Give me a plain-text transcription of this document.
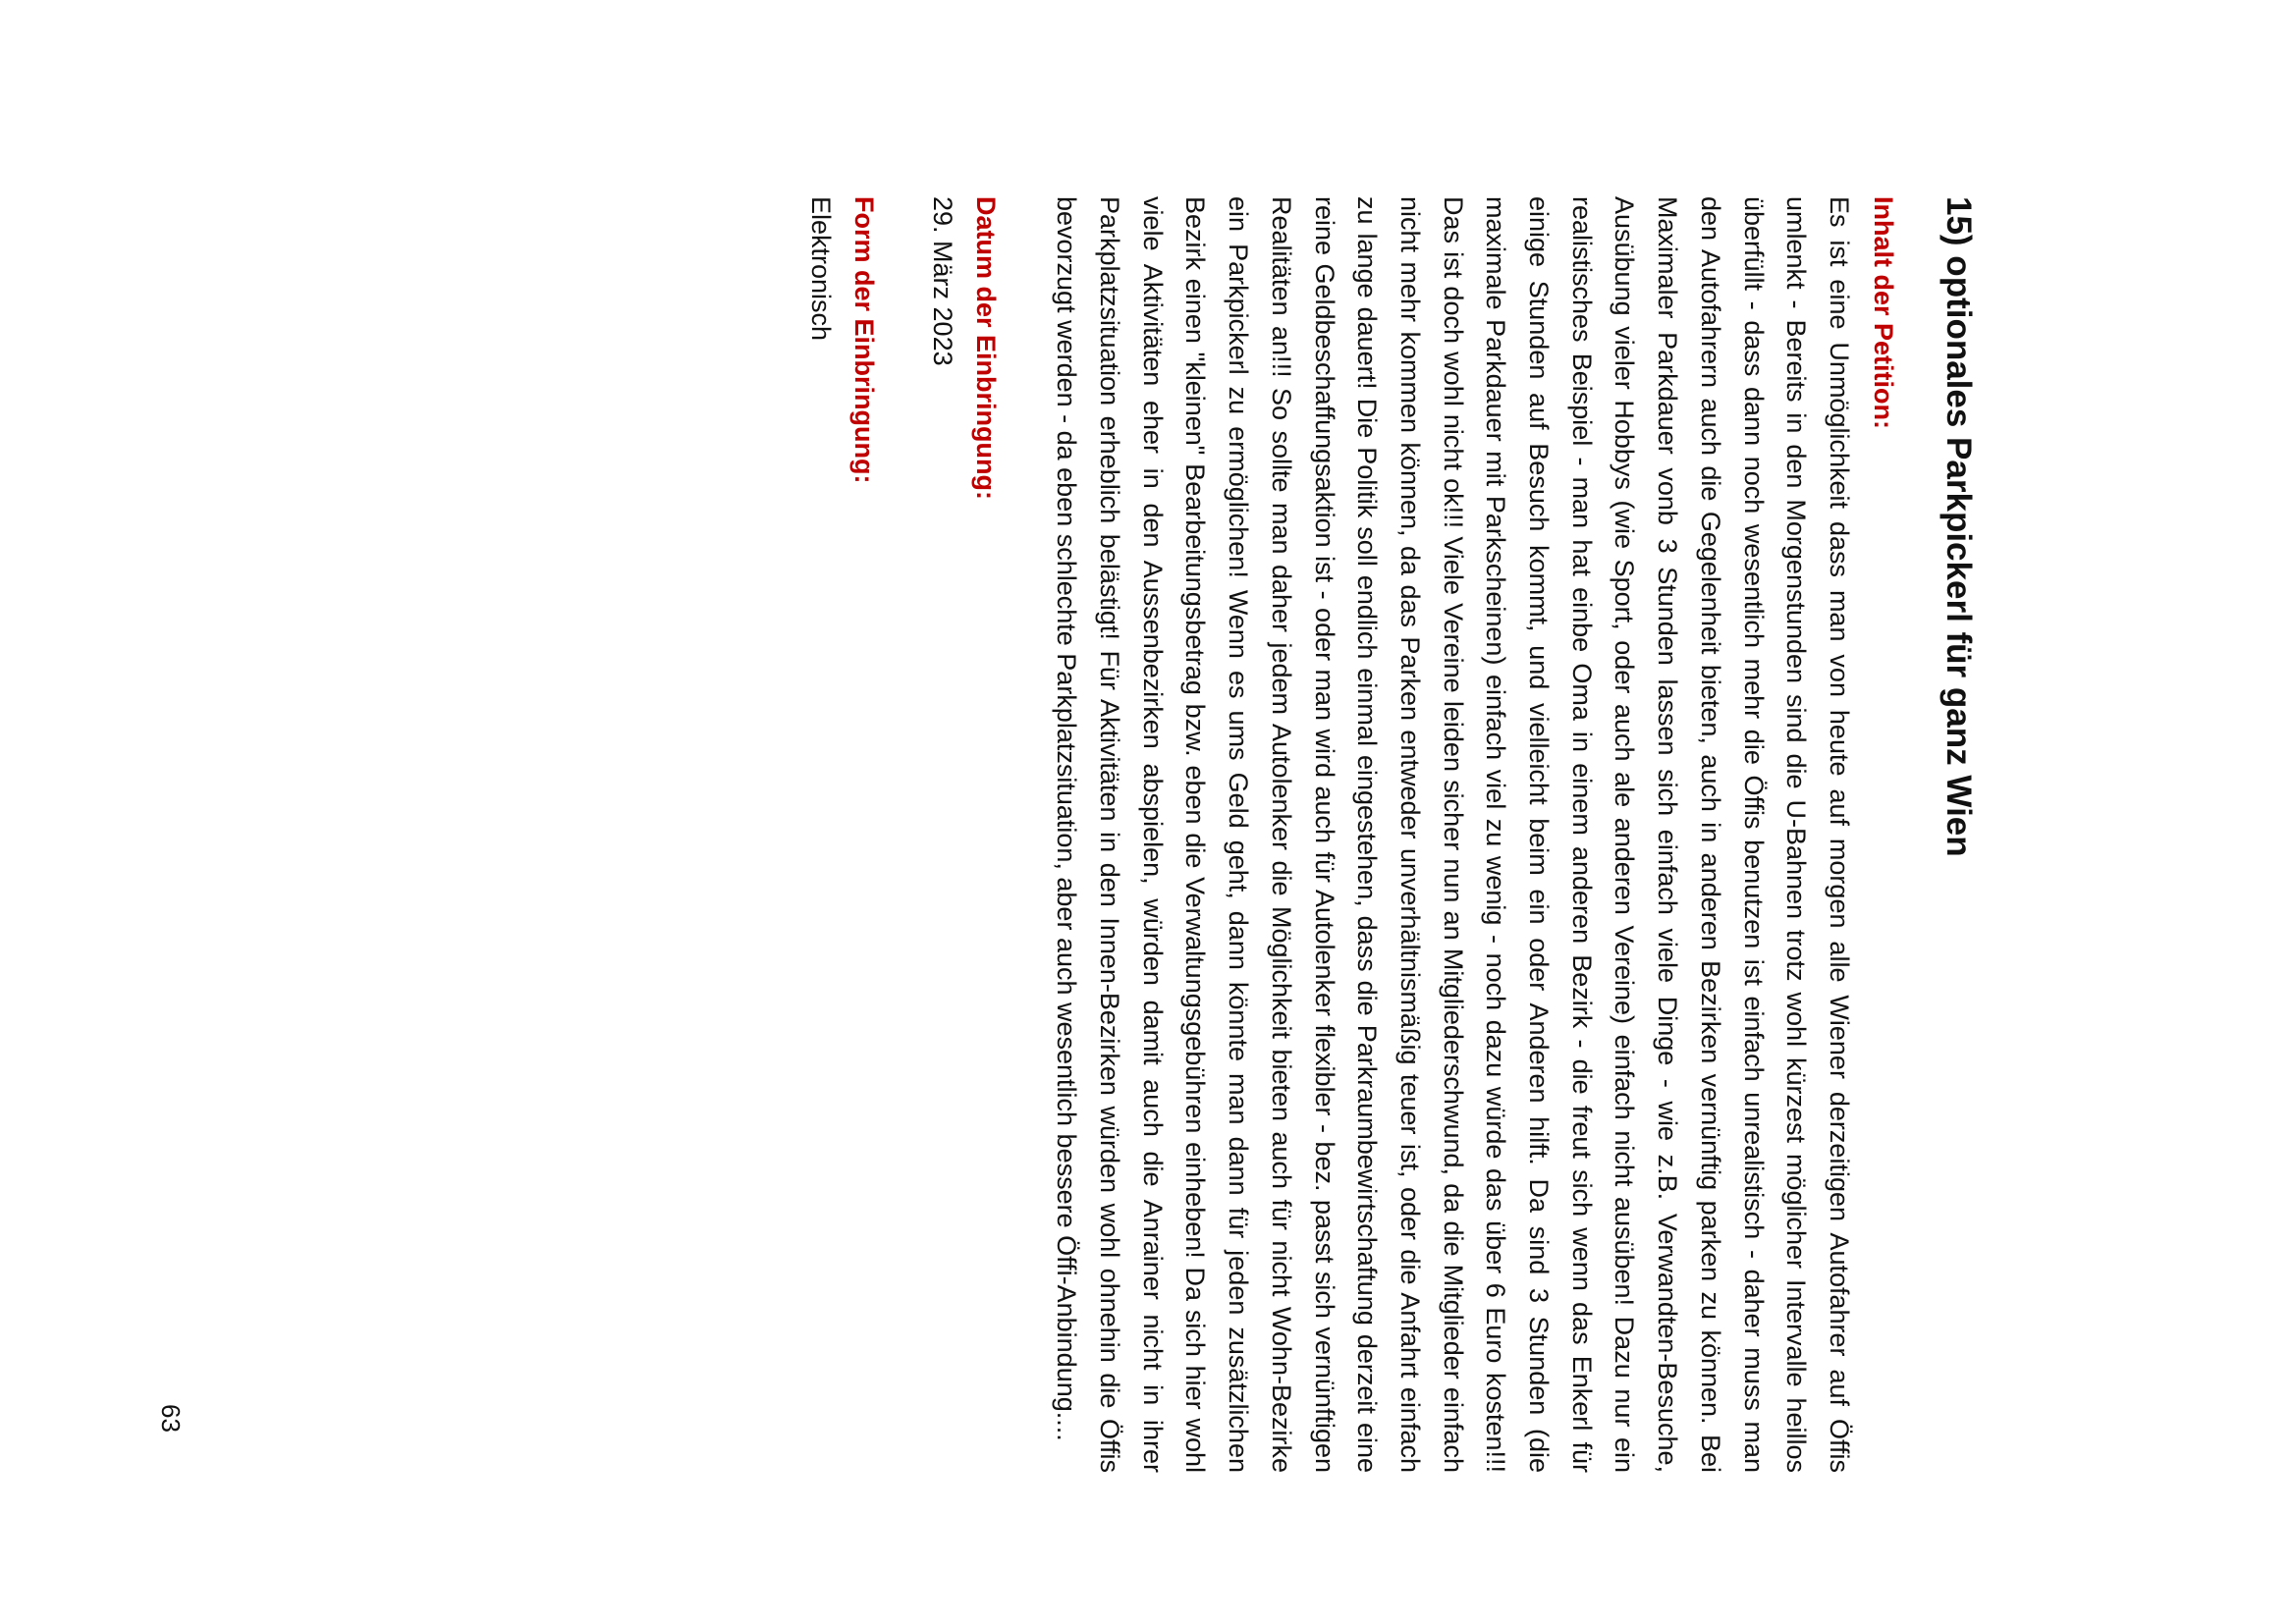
15) optionales Parkpickerl für ganz Wien
Inhalt der Petition:

Es ist eine Unmöglichkeit dass man von heute auf morgen alle Wiener derzeitigen Autofahrer auf Öffis umlenkt - Bereits in den Morgenstunden sind die U-Bahnen trotz wohl kürzest möglicher Intervalle heillos überfüllt - dass dann noch wesentlich mehr die Öffis benutzen ist einfach unrealistisch - daher muss man den Autofahrern auch die Gegelenheit bieten, auch in anderen Bezirken vernünftig parken zu können. Bei Maximaler Parkdauer vonb 3 Stunden lassen sich einfach viele Dinge - wie z.B. Verwandten-Besuche, Ausübung vieler Hobbys (wie Sport, oder auch ale anderen Vereine) einfach nicht ausüben! Dazu nur ein realistisches Beispiel - man hat einbe Oma in einem anderen Bezirk - die freut sich wenn das Enkerl für einige Stunden auf Besuch kommt, und vielleicht beim ein oder Anderen hilft. Da sind 3 Stunden (die maximale Parkdauer mit Parkscheinen) einfach viel zu wenig - noch dazu würde das über 6 Euro kosten!!! Das ist doch wohl nicht ok!!! Viele Vereine leiden sicher nun an Mitgliederschwund, da die Mitglieder einfach nicht mehr kommen können, da das Parken entweder unverhältnismäßig teuer ist, oder die Anfahrt einfach zu lange dauert! Die Politik soll endlich einmal eingestehen, dass die Parkraumbewirtschaftung derzeit eine reine Geldbeschaffungsaktion ist - oder man wird auch für Autolenker flexibler - bez. passt sich vernünftigen Realitäten an!!! So sollte man daher jedem Autolenker die Möglichkeit bieten auch für nicht Wohn-Bezirke ein Parkpickerl zu ermöglichen! Wenn es ums Geld geht, dann könnte man dann für jeden zusätzlichen Bezirk einen "kleinen" Bearbeitungsbetrag bzw. eben die Verwaltungsgebühren einheben! Da sich hier wohl viele Aktivitäten eher in den Aussenbezirken abspielen, würden damit auch die Anrainer nicht in ihrer Parkplatzsituation erheblich belästigt! Für Aktivitäten in den Innen-Bezirken würden wohl ohnehin die Öffis bevorzugt werden - da eben schlechte Parkplatzsituation, aber auch wesentlich bessere Öffi-Anbindung....

Datum der Einbringung:

29. März 2023

Form der Einbringung:

Elektronisch

63
